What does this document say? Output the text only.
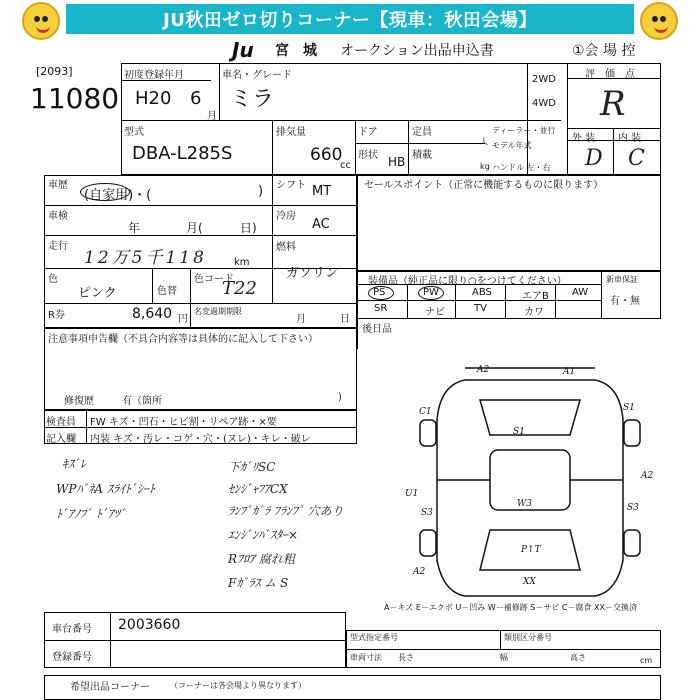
JU秋田ゼロ切りコーナー【現車：秋田会場】
Ju 宮　城 オークション出品申込書	①会 場 控
[2093]
11080
初度登録年月
H20 6
月
車名・グレード
ミラ
2WD
4WD
評　価　点
R
型式
DBA-L285S
排気量
660
cc
ドア	定員
人
形状 HB 積載
kg
ディーラー・並行
モデル年式
ハンドル 左・右
外 装 内 装
D C
車歴
(自家用)・(	)
車検
年	月(	日)
走行
12万5千118	km
色
ピンク	色替
色コード
T22
R券	8,640 円
名変過期期限
月	日
シフト MT
冷房
AC
燃料
ガソリン
セールスポイント（正常に機能するものに限ります）
装備品（純正品に限り○をつけてください）	新車保証
有・無
PS	PW	ABS	エアB AW
SR	ナビ	TV	カワ
後日品
注意事項申告欄（不具合内容等は具体的に記入して下さい）
修復歴	有（箇所	)
検査員
記入欄
FW キズ・凹石・ヒビ割・リペア跡・×要
内装 キズ・汚レ・コゲ・穴・(ヌレ)・キレ・破レ
ｷｽﾞﾚ
WPﾊﾞﾈA ｽﾗｲﾄﾞｼｰﾄ
ﾄﾞｱﾉﾌﾞ ﾄﾞｱﾂﾞ
下ｶﾞﾘSC
ｾﾝｼﾞｬﾌｱCX
ﾗﾝﾌﾟｶﾞﾗ ﾌﾗﾝﾌﾟ 穴あり
ｴﾝｼﾞﾝﾊﾞｽﾀｰ×
Rﾌﾛｱ 腐れ粗
Fｶﾞﾗｽ ム S
A2	A1
C1	S1
A2
U1
S3	S3
W3
P↑T
XX
A2
S1
A－キズ E－エクボ U－凹み W－補修跡 S－サビ C－腐食 XX－交換済
車台番号 2003660
登録番号
型式指定番号	類別区分番号
車両寸法 長さ	幅	高さ	cm
希望出品コーナー	（コーナーは各会場より異なります）
